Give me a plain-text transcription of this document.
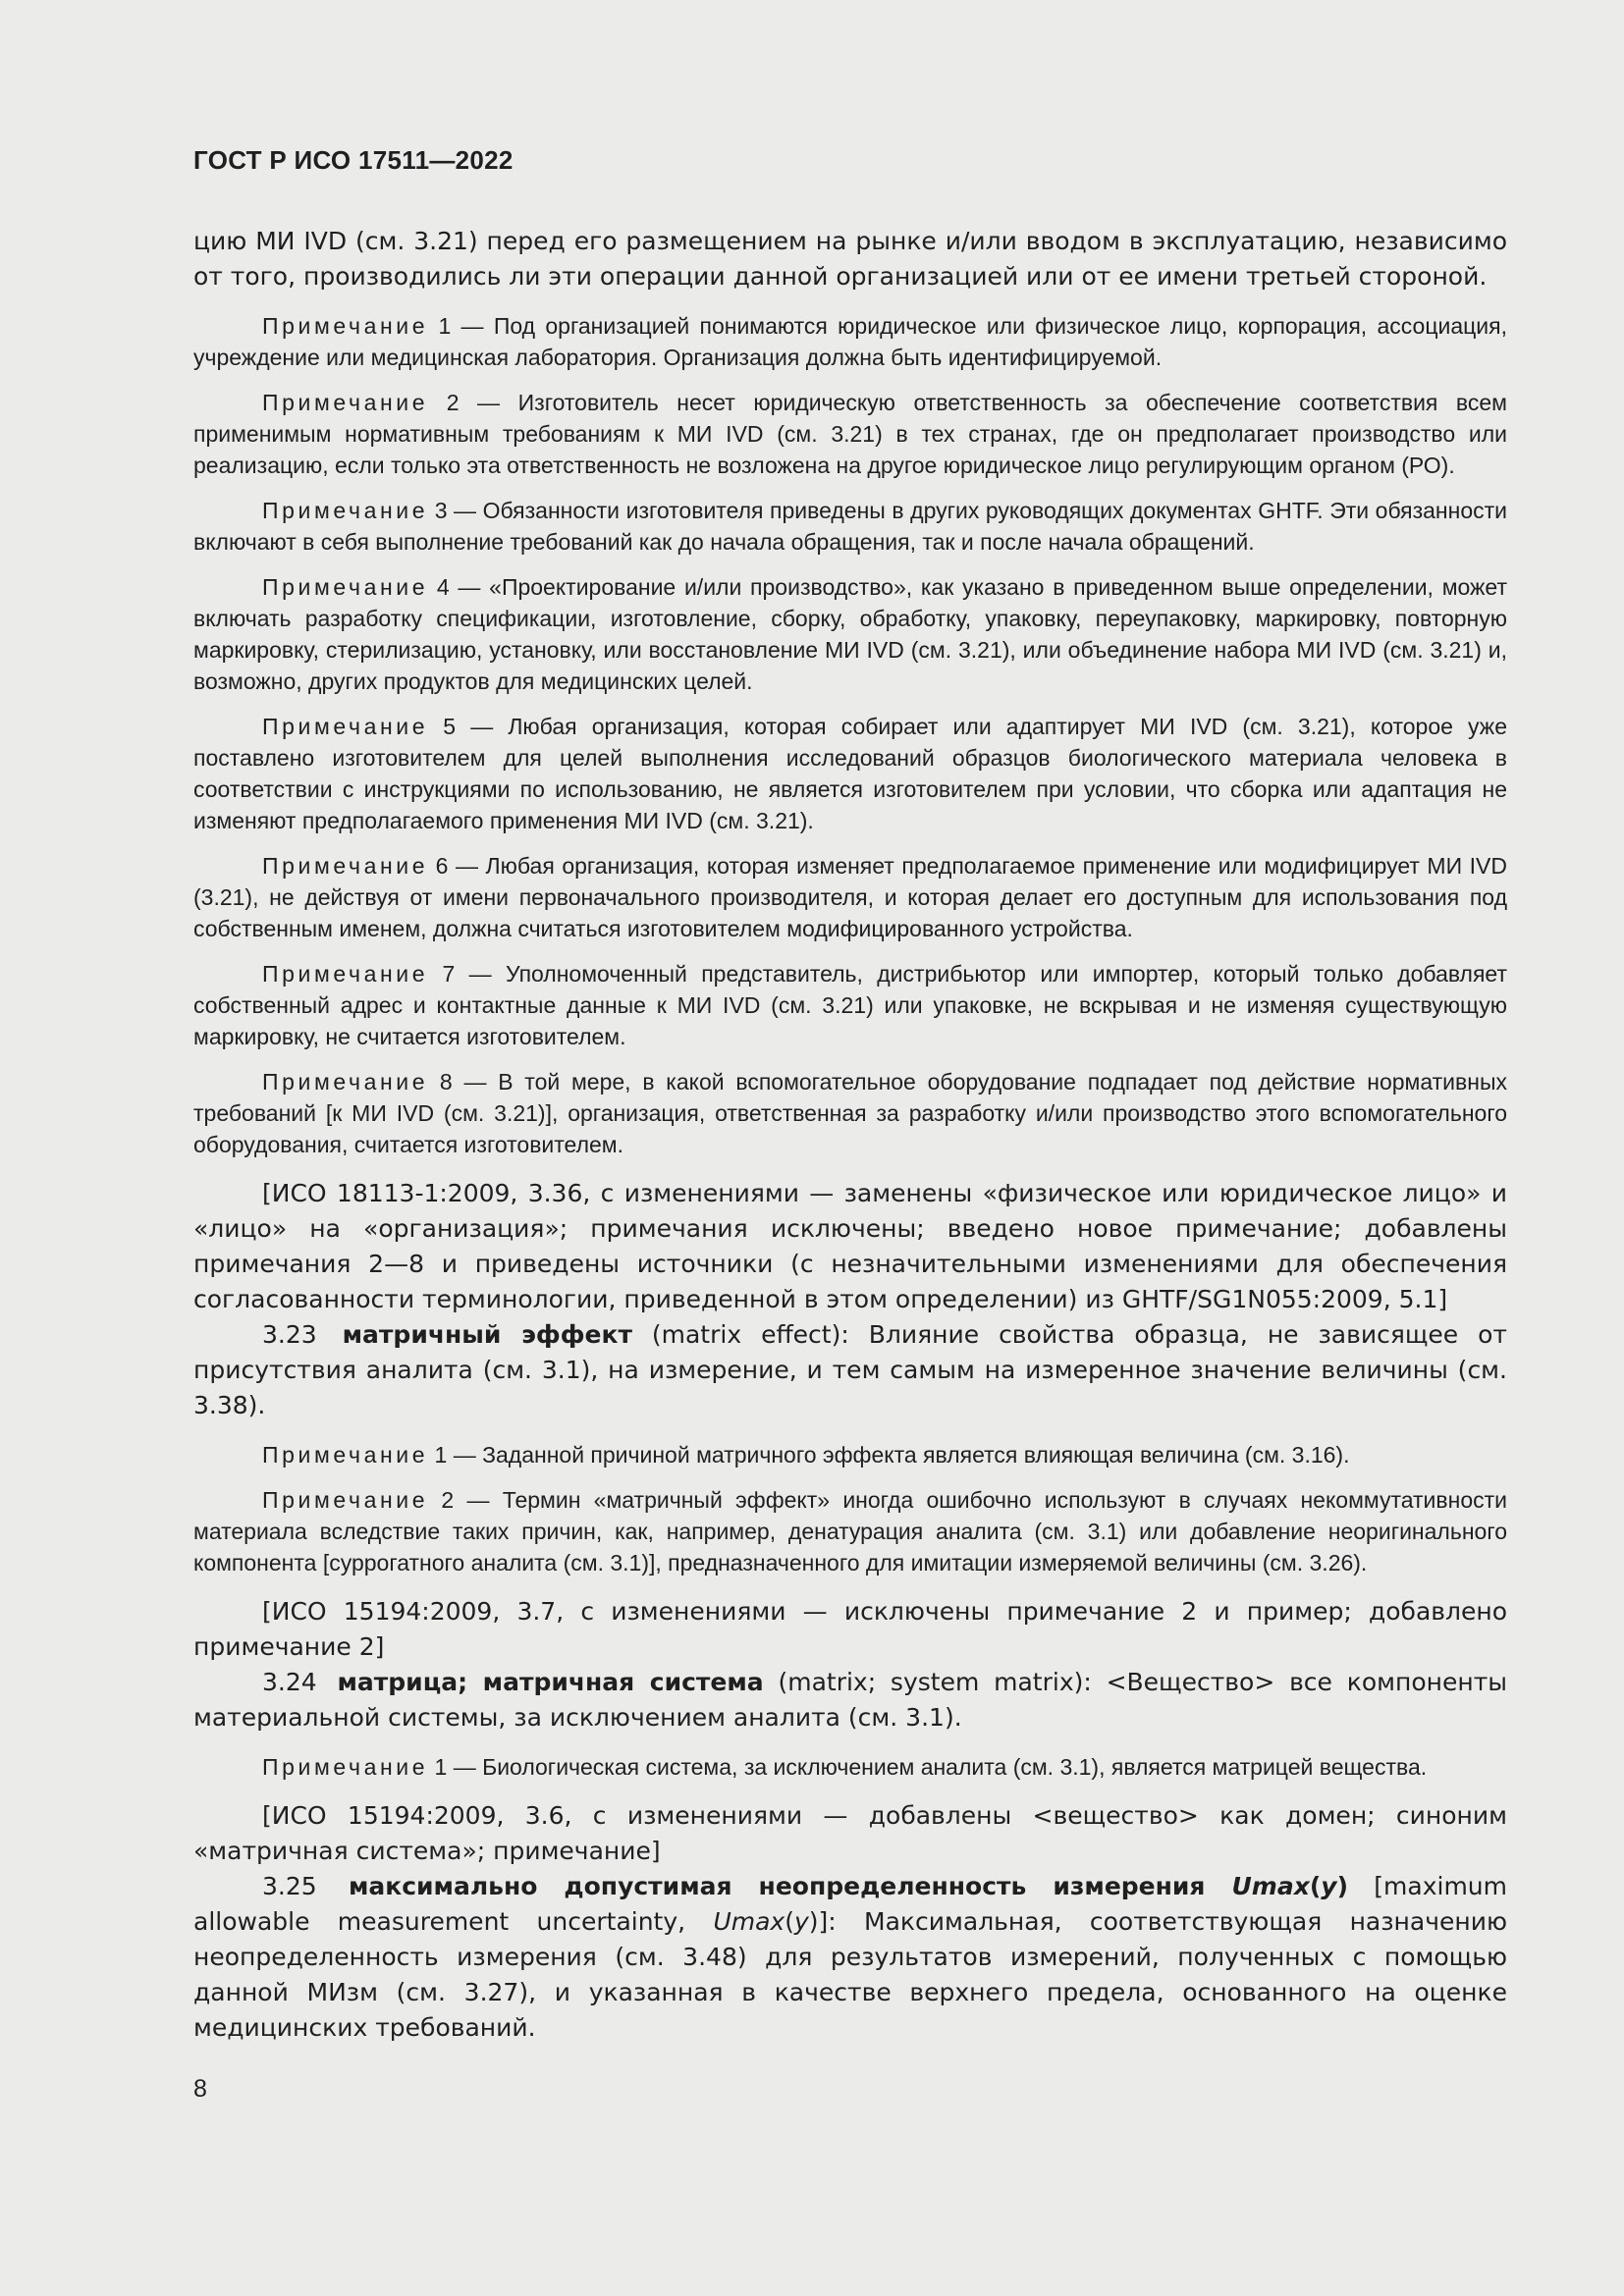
ГОСТ Р ИСО 17511—2022

цию МИ IVD (см. 3.21) перед его размещением на рынке и/или вводом в эксплуатацию, независимо от того, производились ли эти операции данной организацией или от ее имени третьей стороной.

Примечание 1 — Под организацией понимаются юридическое или физическое лицо, корпорация, ассоциация, учреждение или медицинская лаборатория. Организация должна быть идентифицируемой.

Примечание 2 — Изготовитель несет юридическую ответственность за обеспечение соответствия всем применимым нормативным требованиям к МИ IVD (см. 3.21) в тех странах, где он предполагает производство или реализацию, если только эта ответственность не возложена на другое юридическое лицо регулирующим органом (РО).

Примечание 3 — Обязанности изготовителя приведены в других руководящих документах GHTF. Эти обязанности включают в себя выполнение требований как до начала обращения, так и после начала обращений.

Примечание 4 — «Проектирование и/или производство», как указано в приведенном выше определении, может включать разработку спецификации, изготовление, сборку, обработку, упаковку, переупаковку, маркировку, повторную маркировку, стерилизацию, установку, или восстановление МИ IVD (см. 3.21), или объединение набора МИ IVD (см. 3.21) и, возможно, других продуктов для медицинских целей.

Примечание 5 — Любая организация, которая собирает или адаптирует МИ IVD (см. 3.21), которое уже поставлено изготовителем для целей выполнения исследований образцов биологического материала человека в соответствии с инструкциями по использованию, не является изготовителем при условии, что сборка или адаптация не изменяют предполагаемого применения МИ IVD (см. 3.21).

Примечание 6 — Любая организация, которая изменяет предполагаемое применение или модифицирует МИ IVD (3.21), не действуя от имени первоначального производителя, и которая делает его доступным для использования под собственным именем, должна считаться изготовителем модифицированного устройства.

Примечание 7 — Уполномоченный представитель, дистрибьютор или импортер, который только добавляет собственный адрес и контактные данные к МИ IVD (см. 3.21) или упаковке, не вскрывая и не изменяя существующую маркировку, не считается изготовителем.

Примечание 8 — В той мере, в какой вспомогательное оборудование подпадает под действие нормативных требований [к МИ IVD (см. 3.21)], организация, ответственная за разработку и/или производство этого вспомогательного оборудования, считается изготовителем.

[ИСО 18113-1:2009, 3.36, с изменениями — заменены «физическое или юридическое лицо» и «лицо» на «организация»; примечания исключены; введено новое примечание; добавлены примечания 2—8 и приведены источники (с незначительными изменениями для обеспечения согласованности терминологии, приведенной в этом определении) из GHTF/SG1N055:2009, 5.1]

3.23 матричный эффект (matrix effect): Влияние свойства образца, не зависящее от присутствия аналита (см. 3.1), на измерение, и тем самым на измеренное значение величины (см. 3.38).

Примечание 1 — Заданной причиной матричного эффекта является влияющая величина (см. 3.16).

Примечание 2 — Термин «матричный эффект» иногда ошибочно используют в случаях некоммутативности материала вследствие таких причин, как, например, денатурация аналита (см. 3.1) или добавление неоригинального компонента [суррогатного аналита (см. 3.1)], предназначенного для имитации измеряемой величины (см. 3.26).

[ИСО 15194:2009, 3.7, с изменениями — исключены примечание 2 и пример; добавлено примечание 2]

3.24 матрица; матричная система (matrix; system matrix): <Вещество> все компоненты материальной системы, за исключением аналита (см. 3.1).

Примечание 1 — Биологическая система, за исключением аналита (см. 3.1), является матрицей вещества.

[ИСО 15194:2009, 3.6, с изменениями — добавлены <вещество> как домен; синоним «матричная система»; примечание]

3.25 максимально допустимая неопределенность измерения Umax(y) [maximum allowable measurement uncertainty, Umax(y)]: Максимальная, соответствующая назначению неопределенность измерения (см. 3.48) для результатов измерений, полученных с помощью данной МИзм (см. 3.27), и указанная в качестве верхнего предела, основанного на оценке медицинских требований.

8
